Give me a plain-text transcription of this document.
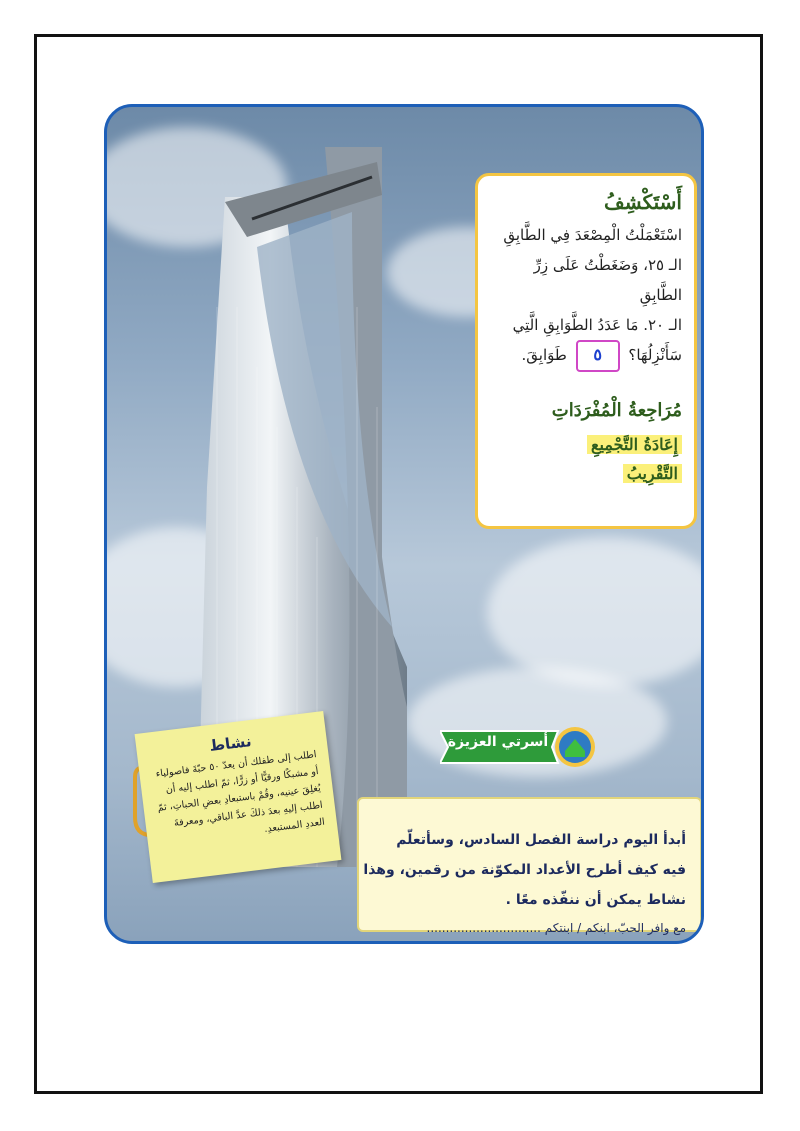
أَسْتَكْشِفُ
اسْتَعْمَلْتُ الْمِصْعَدَ فِي الطَّابِقِ
الـ ٢٥، وَضَغَطْتُ عَلَى زِرِّ الطَّابِقِ
الـ ٢٠. مَا عَدَدُ الطَّوَابِقِ الَّتِي
سَأَنْزِلُهَا؟ ٥ طَوَابِقَ.
مُرَاجِعةُ الْمُفْرَدَاتِ
إِعَادَةُ التَّجْمِيعِ
التَّقْرِيبُ
أسرتي العزيزة
أبدأ اليوم دراسة الفصل السادس، وسأتعلّم
فيه كيف أطرح الأعداد المكوّنة من رقمين، وهذا
نشاط يمكن أن ننفّذه معًا .
مع وافر الحبّ، ابنكم / ابنتكم ..............................
نشاط
اطلب إلى طفلك أن يعدّ ٥٠ حبّةَ فاصولياء أو مشبكًا ورقيًّا أو زرًّا، ثمّ اطلب إليه أن يُغلِقَ عينيه، وقُمْ باستبعادِ بعضِ الحباتِ، ثمّ اطلب إليهِ بعدَ ذلكَ عدَّ الباقي، ومعرفةَ العددِ المستبعدِ.
